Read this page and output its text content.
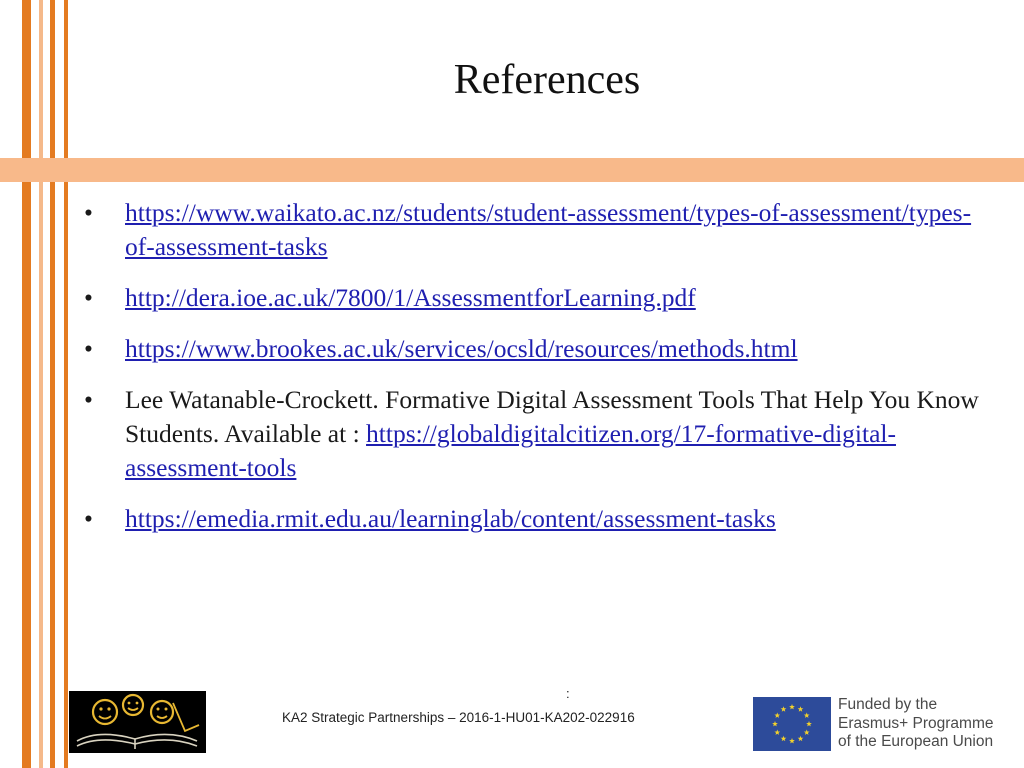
References
• https://www.waikato.ac.nz/students/student-assessment/types-of-assessment/types-of-assessment-tasks
• http://dera.ioe.ac.uk/7800/1/AssessmentforLearning.pdf
• https://www.brookes.ac.uk/services/ocsld/resources/methods.html
• Lee Watanable-Crockett. Formative Digital Assessment Tools That Help You Know Students. Available at : https://globaldigitalcitizen.org/17-formative-digital-assessment-tools
• https://emedia.rmit.edu.au/learninglab/content/assessment-tasks
:
KA2 Strategic Partnerships – 2016-1-HU01-KA202-022916
Funded by the
Erasmus+ Programme
of the European Union
